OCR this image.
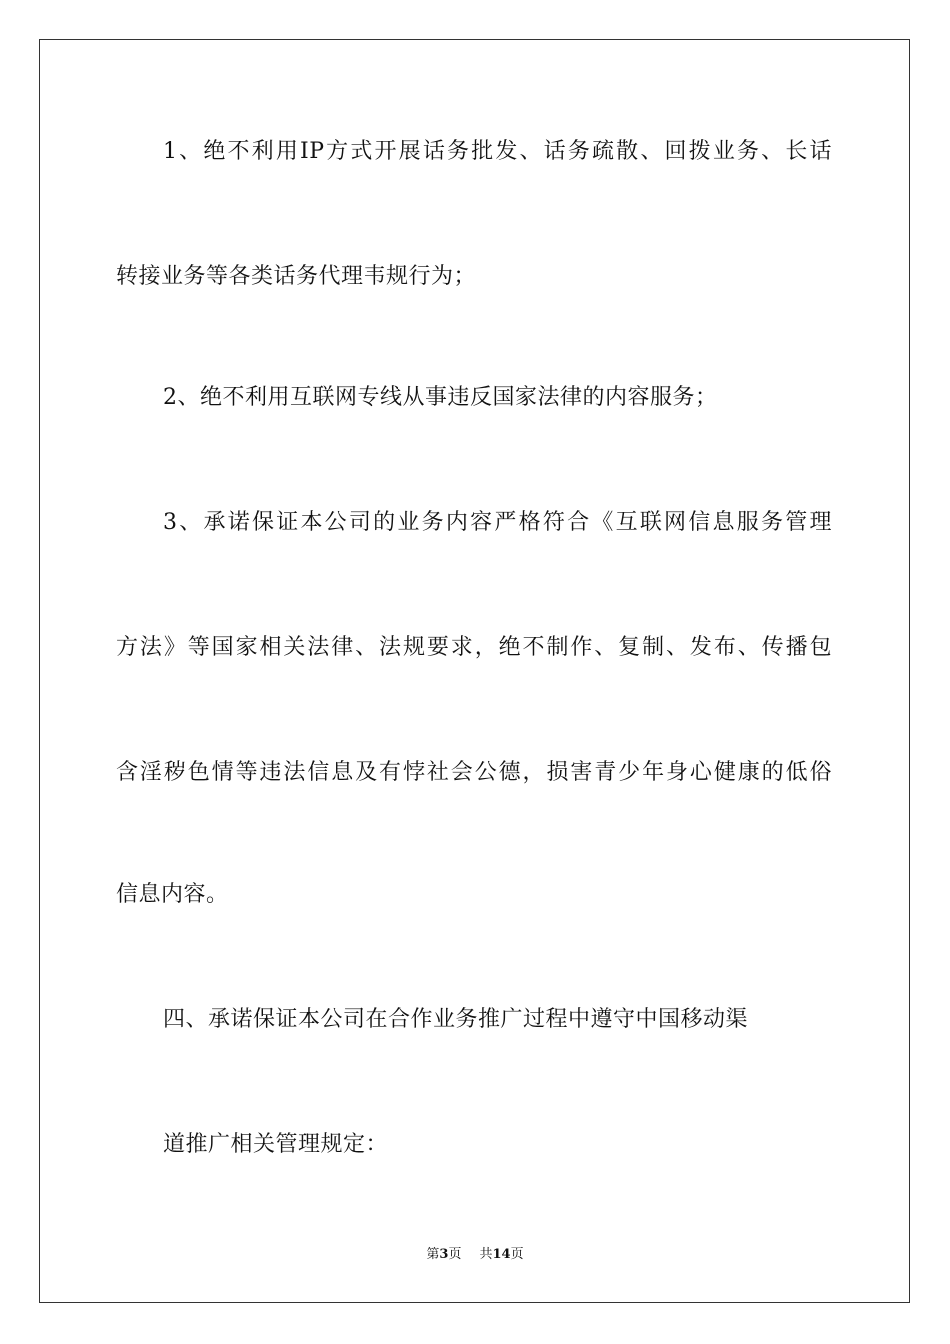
1、绝不利用IP方式开展话务批发、话务疏散、回拨业务、长话
转接业务等各类话务代理韦规行为；
2、绝不利用互联网专线从事违反国家法律的内容服务；
3、承诺保证本公司的业务内容严格符合《互联网信息服务管理
方法》等国家相关法律、法规要求，绝不制作、复制、发布、传播包
含淫秽色情等违法信息及有悖社会公德，损害青少年身心健康的低俗
信息内容。
四、承诺保证本公司在合作业务推广过程中遵守中国移动渠
道推广相关管理规定：
第3页 共14页
